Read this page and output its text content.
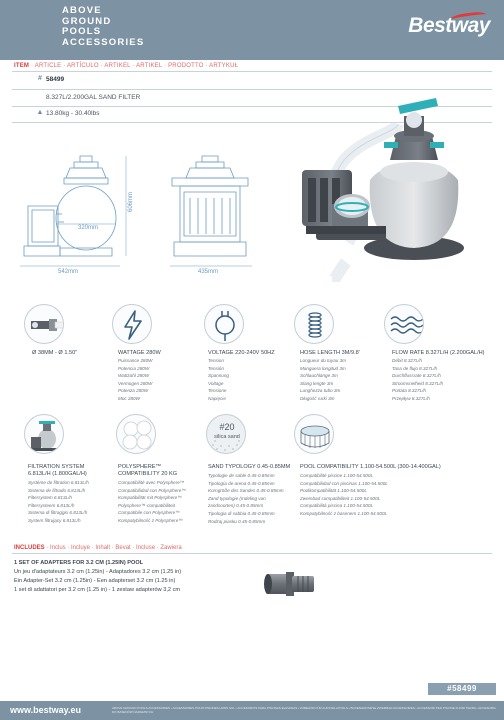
ABOVE
GROUND
POOLS
ACCESSORIES
Bestway
ITEM · ARTICLE · ARTÍCULO · ARTIKEL · ARTIKEL · PRODOTTO · ARTYKUŁ
# 58499
8.327L/2.200GAL SAND FILTER
▲ 13.80kg - 30.40lbs
320mm
542mm
606mm
435mm
Ø 38MM - Ø 1.50"	WATTAGE 280W
Puissance 280W
Potencia 280W
Wattzahl 280W
Vermogen 280W
Potenza 280W
Moc 280W
VOLTAGE 220-240V 50HZ
Tension
Tensión
Spannung
Voltage
Tensione
Napięcie
HOSE LENGTH 3M/9.8'
Longueur du tuyau 3m
Manguera longitud 3m
Schlauchlänge 3m
Slang lengte 3m
Lunghezza tubo 3m
Długość rurki 3m
FLOW RATE 8.327L/H (2.200GAL/H)
Débit 8.327L/h
Tasa de flujo 8.327L/h
Durchflussrate 8.327L/h
Stroomsnelheid 8.327L/h
Portata 8.327L/h
Przepływ 8.327L/h
FILTRATION SYSTEM
6.813L/H (1.800GAL/H)
Système de filtration 6.813L/h
Sistema de filtrado 6.813L/h
Filtersystem 6.813L/h
Filtersysteem 6.813L/h
Sistema di filtraggio 6.813L/h
System filtrujący 6.813L/h
POLYSPHERE™
COMPATIBILITY 20 KG
Compatibilité avec Polysphere™
Compatibilidad con Polysphere™
Kompatibilität mit Polysphere™
Polysphere™-compatibiliteit
Compatibile con Polysphere™
Kompatybilność z Polysphere™
#20
silica sand
SAND TYPOLOGY 0.45-0.85MM
Typologie de sable 0.45-0.85mm
Tipología de arena 0.45-0.85mm
Korngröße des Sandes 0.45-0.85mm
Zand typologie (Indeling van
zandsoorten) 0.45-0.85mm
Tipologia di sabbia 0.45-0.85mm
Rodzaj piasku 0.45-0.85mm
POOL COMPATIBILITY 1.100-54.500L (300-14.400GAL)
Compatibilité piscine 1.100-54.500L
Compatibilidad con piscinas 1.100-54.500L
Poolkompatibilität 1.100-54.500L
Zwembad compatibiliteit 1.100-54.500L
Compatibilità piscina 1.100-54.500L
Kompatybilność z basenem 1.100-54.500L
INCLUDES · Inclus · Incluye · Inhalt · Bevat · Incluse · Zawiera
1 SET OF ADAPTERS FOR 3.2 CM (1.25IN) POOL
Un jeu d'adaptateurs 3.2 cm (1.25in) - Adaptadores 3.2 cm (1.25 in)
Ein Adapter-Set 3.2 cm (1.25in) - Een adapterset 3.2 cm (1.25 in)
1 set di adattatori per 3.2 cm (1.25 in) - 1 zestaw adapterów 3,2 cm
#58499
www.bestway.eu	ABOVE GROUND POOLS ACCESSORIES • ACCESSOIRES POUR PISCINES HORS SOL • ACCESORIOS PARA PISCINAS ELEVADAS • ZUBEHÖR FÜR AUFSTELLPOOLS • BOVENGRONDSE ZWEMBAD ACCESSOIRES • ACCESSORI PER PISCINE FUORI TERRA • AKCESORIA DO BASENÓW NAZIEMNYCH
